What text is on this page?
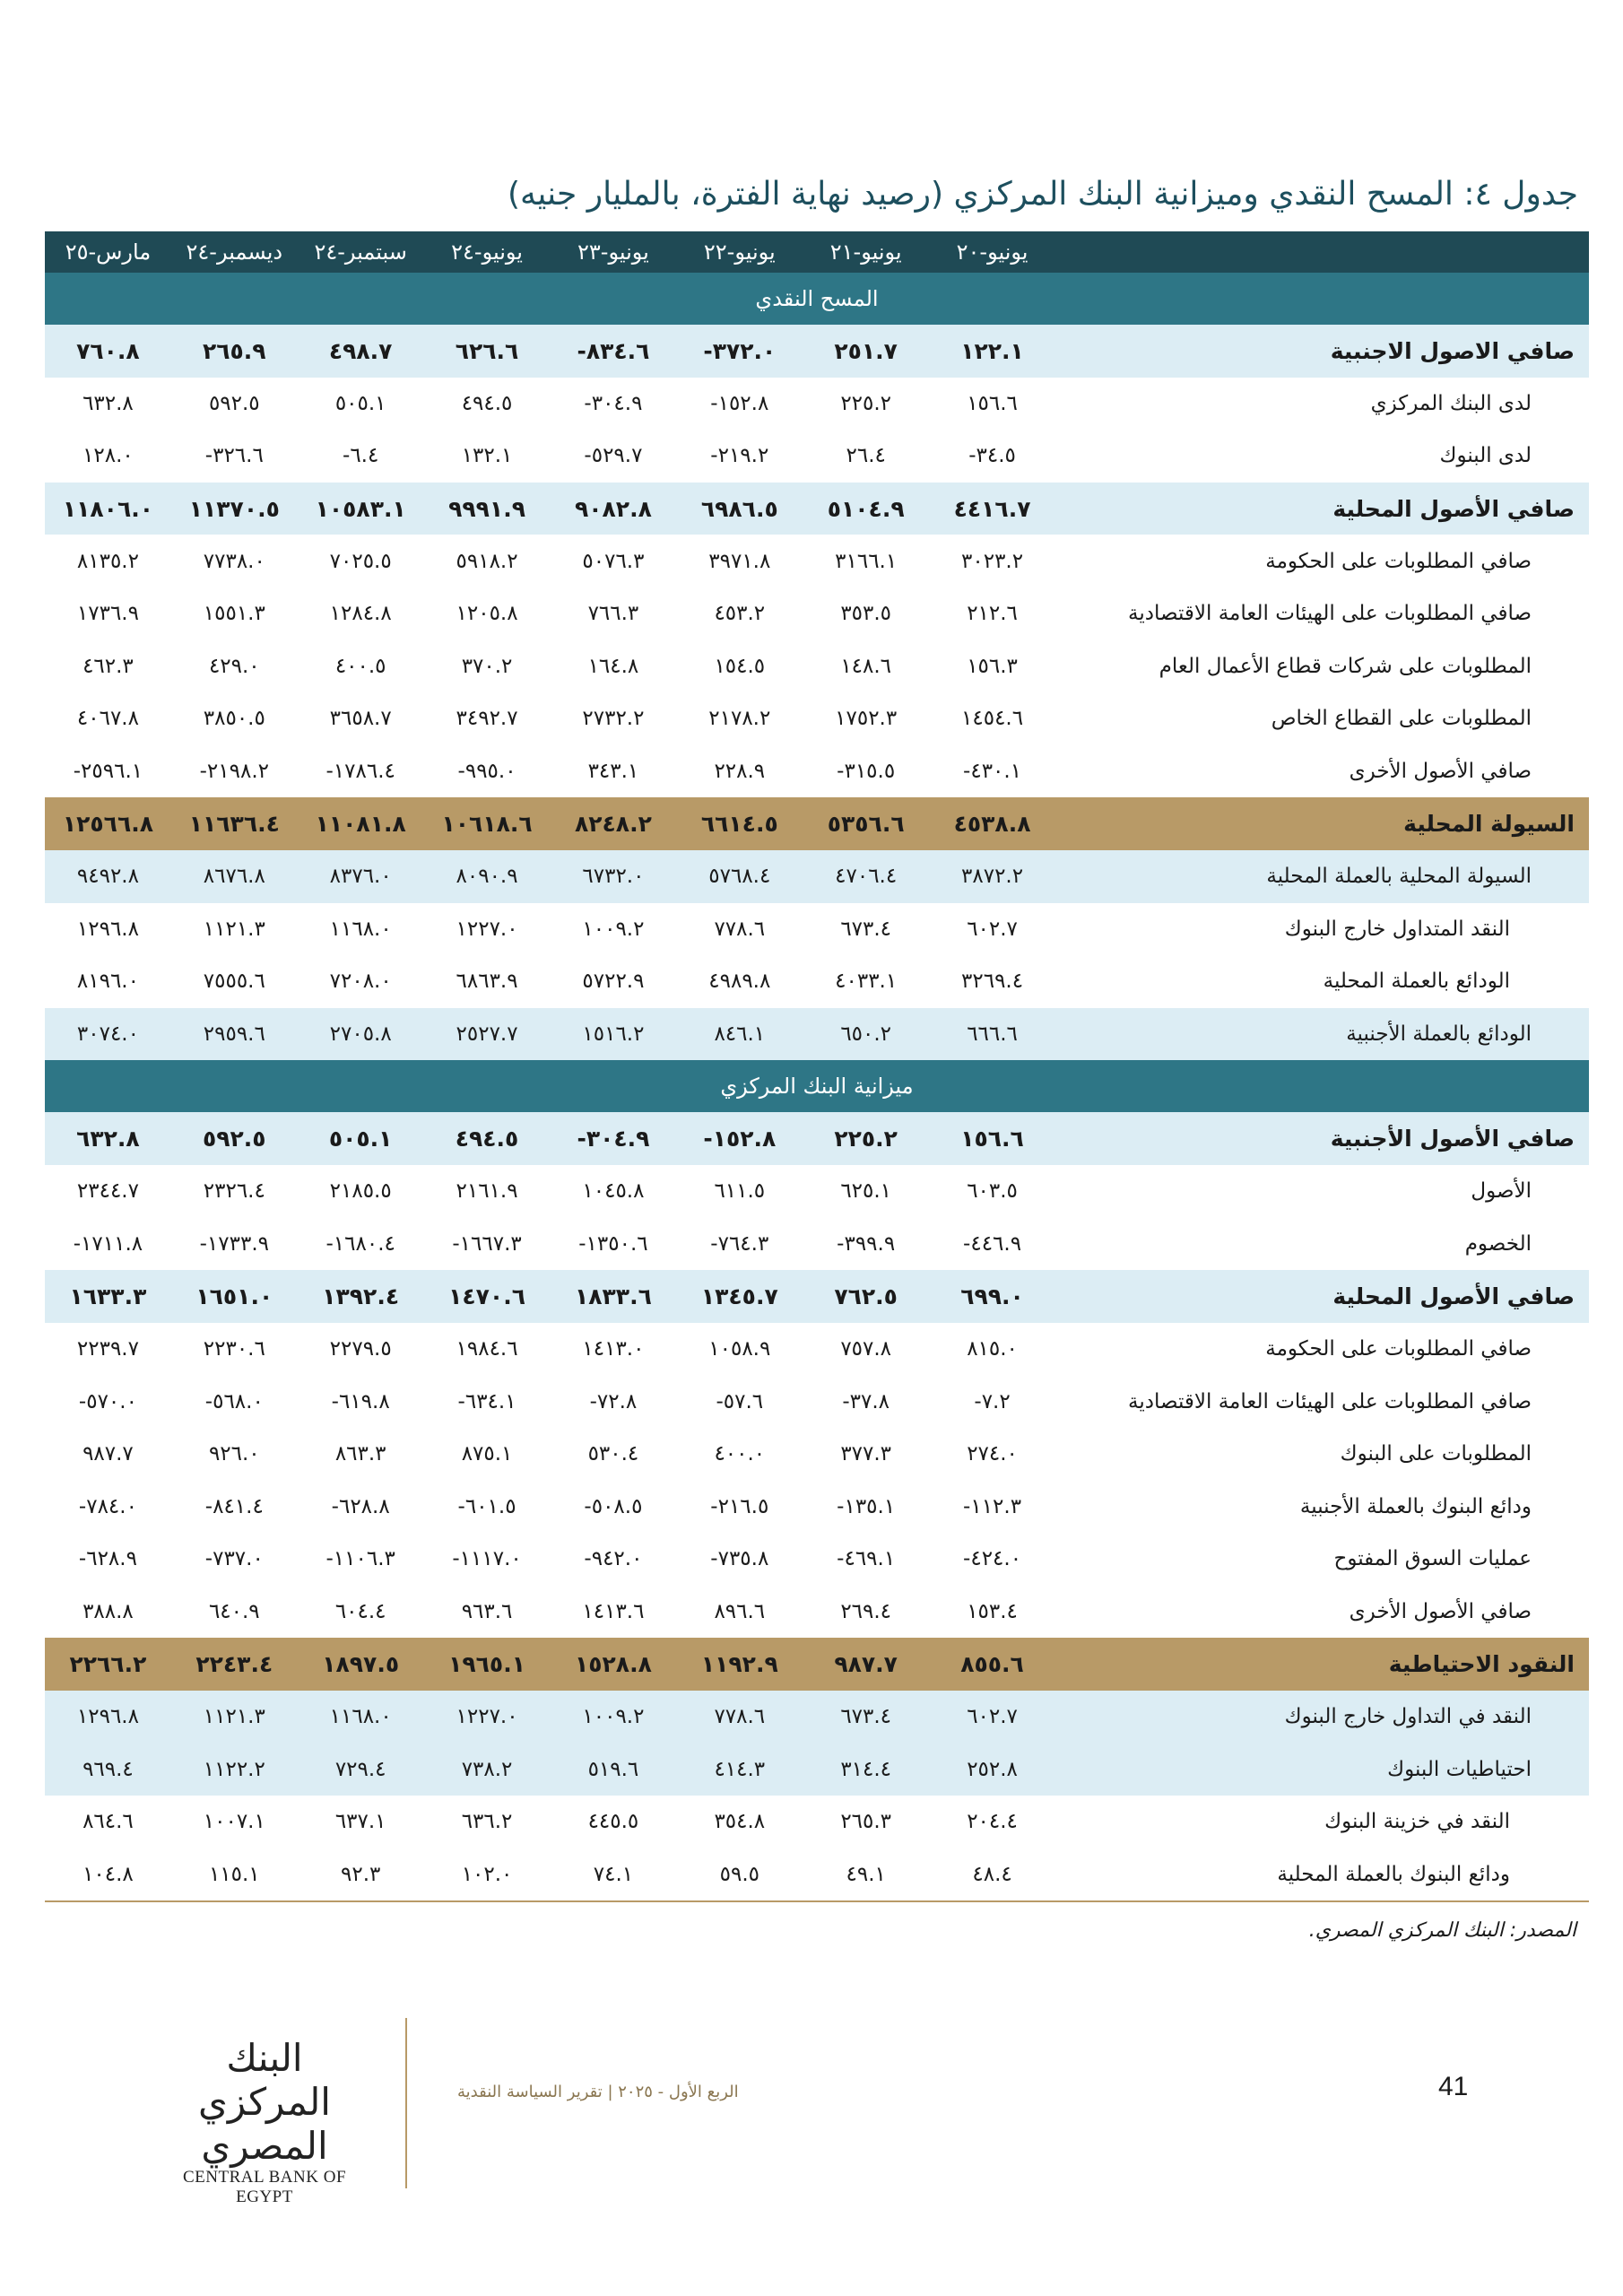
جدول ٤: المسح النقدي وميزانية البنك المركزي (رصيد نهاية الفترة، بالمليار جنيه)
	يونيو-٢٠	يونيو-٢١	يونيو-٢٢	يونيو-٢٣	يونيو-٢٤	سبتمبر-٢٤	ديسمبر-٢٤	مارس-٢٥
المسح النقدي								
صافي الاصول الاجنبية	١٢٢.١	٢٥١.٧	-٣٧٢.٠	-٨٣٤.٦	٦٢٦.٦	٤٩٨.٧	٢٦٥.٩	٧٦٠.٨
لدى البنك المركزي	١٥٦.٦	٢٢٥.٢	-١٥٢.٨	-٣٠٤.٩	٤٩٤.٥	٥٠٥.١	٥٩٢.٥	٦٣٢.٨
لدى البنوك	-٣٤.٥	٢٦.٤	-٢١٩.٢	-٥٢٩.٧	١٣٢.١	-٦.٤	-٣٢٦.٦	١٢٨.٠
صافي الأصول المحلية	٤٤١٦.٧	٥١٠٤.٩	٦٩٨٦.٥	٩٠٨٢.٨	٩٩٩١.٩	١٠٥٨٣.١	١١٣٧٠.٥	١١٨٠٦.٠
صافي المطلوبات على الحكومة	٣٠٢٣.٢	٣١٦٦.١	٣٩٧١.٨	٥٠٧٦.٣	٥٩١٨.٢	٧٠٢٥.٥	٧٧٣٨.٠	٨١٣٥.٢
صافي المطلوبات على الهيئات العامة الاقتصادية	٢١٢.٦	٣٥٣.٥	٤٥٣.٢	٧٦٦.٣	١٢٠٥.٨	١٢٨٤.٨	١٥٥١.٣	١٧٣٦.٩
المطلوبات على شركات قطاع الأعمال العام	١٥٦.٣	١٤٨.٦	١٥٤.٥	١٦٤.٨	٣٧٠.٢	٤٠٠.٥	٤٢٩.٠	٤٦٢.٣
المطلوبات على القطاع الخاص	١٤٥٤.٦	١٧٥٢.٣	٢١٧٨.٢	٢٧٣٢.٢	٣٤٩٢.٧	٣٦٥٨.٧	٣٨٥٠.٥	٤٠٦٧.٨
صافي الأصول الأخرى	-٤٣٠.١	-٣١٥.٥	٢٢٨.٩	٣٤٣.١	-٩٩٥.٠	-١٧٨٦.٤	-٢١٩٨.٢	-٢٥٩٦.١
السيولة المحلية	٤٥٣٨.٨	٥٣٥٦.٦	٦٦١٤.٥	٨٢٤٨.٢	١٠٦١٨.٦	١١٠٨١.٨	١١٦٣٦.٤	١٢٥٦٦.٨
السيولة المحلية بالعملة المحلية	٣٨٧٢.٢	٤٧٠٦.٤	٥٧٦٨.٤	٦٧٣٢.٠	٨٠٩٠.٩	٨٣٧٦.٠	٨٦٧٦.٨	٩٤٩٢.٨
النقد المتداول خارج البنوك	٦٠٢.٧	٦٧٣.٤	٧٧٨.٦	١٠٠٩.٢	١٢٢٧.٠	١١٦٨.٠	١١٢١.٣	١٢٩٦.٨
الودائع بالعملة المحلية	٣٢٦٩.٤	٤٠٣٣.١	٤٩٨٩.٨	٥٧٢٢.٩	٦٨٦٣.٩	٧٢٠٨.٠	٧٥٥٥.٦	٨١٩٦.٠
الودائع بالعملة الأجنبية	٦٦٦.٦	٦٥٠.٢	٨٤٦.١	١٥١٦.٢	٢٥٢٧.٧	٢٧٠٥.٨	٢٩٥٩.٦	٣٠٧٤.٠
ميزانية البنك المركزي								
صافي الأصول الأجنبية	١٥٦.٦	٢٢٥.٢	-١٥٢.٨	-٣٠٤.٩	٤٩٤.٥	٥٠٥.١	٥٩٢.٥	٦٣٢.٨
الأصول	٦٠٣.٥	٦٢٥.١	٦١١.٥	١٠٤٥.٨	٢١٦١.٩	٢١٨٥.٥	٢٣٢٦.٤	٢٣٤٤.٧
الخصوم	-٤٤٦.٩	-٣٩٩.٩	-٧٦٤.٣	-١٣٥٠.٦	-١٦٦٧.٣	-١٦٨٠.٤	-١٧٣٣.٩	-١٧١١.٨
صافي الأصول المحلية	٦٩٩.٠	٧٦٢.٥	١٣٤٥.٧	١٨٣٣.٦	١٤٧٠.٦	١٣٩٢.٤	١٦٥١.٠	١٦٣٣.٣
صافي المطلوبات على الحكومة	٨١٥.٠	٧٥٧.٨	١٠٥٨.٩	١٤١٣.٠	١٩٨٤.٦	٢٢٧٩.٥	٢٢٣٠.٦	٢٢٣٩.٧
صافي المطلوبات على الهيئات العامة الاقتصادية	-٧.٢	-٣٧.٨	-٥٧.٦	-٧٢.٨	-٦٣٤.١	-٦١٩.٨	-٥٦٨.٠	-٥٧٠.٠
المطلوبات على البنوك	٢٧٤.٠	٣٧٧.٣	٤٠٠.٠	٥٣٠.٤	٨٧٥.١	٨٦٣.٣	٩٢٦.٠	٩٨٧.٧
ودائع البنوك بالعملة الأجنبية	-١١٢.٣	-١٣٥.١	-٢١٦.٥	-٥٠٨.٥	-٦٠١.٥	-٦٢٨.٨	-٨٤١.٤	-٧٨٤.٠
عمليات السوق المفتوح	-٤٢٤.٠	-٤٦٩.١	-٧٣٥.٨	-٩٤٢.٠	-١١١٧.٠	-١١٠٦.٣	-٧٣٧.٠	-٦٢٨.٩
صافي الأصول الأخرى	١٥٣.٤	٢٦٩.٤	٨٩٦.٦	١٤١٣.٦	٩٦٣.٦	٦٠٤.٤	٦٤٠.٩	٣٨٨.٨
النقود الاحتياطية	٨٥٥.٦	٩٨٧.٧	١١٩٢.٩	١٥٢٨.٨	١٩٦٥.١	١٨٩٧.٥	٢٢٤٣.٤	٢٢٦٦.٢
النقد في التداول خارج البنوك	٦٠٢.٧	٦٧٣.٤	٧٧٨.٦	١٠٠٩.٢	١٢٢٧.٠	١١٦٨.٠	١١٢١.٣	١٢٩٦.٨
احتياطيات البنوك	٢٥٢.٨	٣١٤.٤	٤١٤.٣	٥١٩.٦	٧٣٨.٢	٧٢٩.٤	١١٢٢.٢	٩٦٩.٤
النقد في خزينة البنوك	٢٠٤.٤	٢٦٥.٣	٣٥٤.٨	٤٤٥.٥	٦٣٦.٢	٦٣٧.١	١٠٠٧.١	٨٦٤.٦
ودائع البنوك بالعملة المحلية	٤٨.٤	٤٩.١	٥٩.٥	٧٤.١	١٠٢.٠	٩٢.٣	١١٥.١	١٠٤.٨
المصدر: البنك المركزي المصري.
البنك المركزي المصري
CENTRAL BANK OF EGYPT
الربع الأول - ٢٠٢٥ | تقرير السياسة النقدية	41
